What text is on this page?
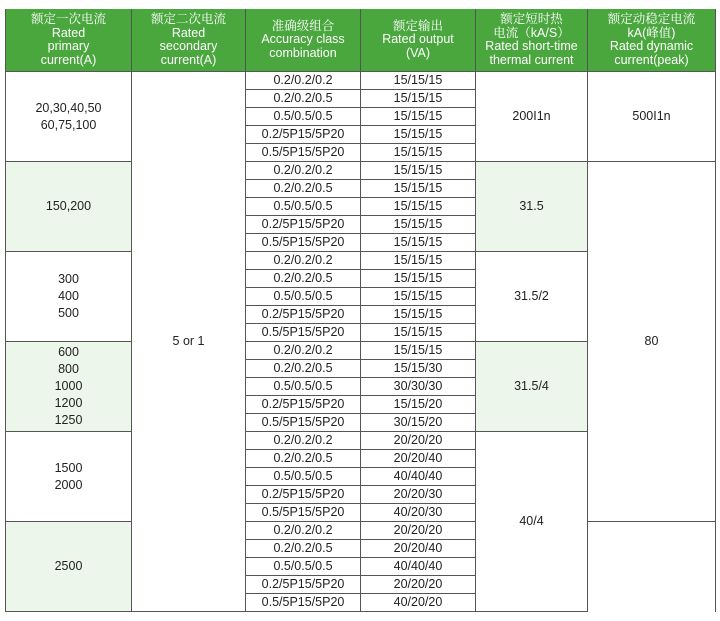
额定一次电流
Rated
primary
current(A)	额定二次电流
Rated
secondary
current(A)	准确级组合
Accuracy class
combination	额定输出
Rated output
(VA)	额定短时热
电流（kA/S）
Rated short-time
thermal current	额定动稳定电流
kA(峰值)
Rated dynamic
current(peak)	

20,30,40,50
60,75,100	5 or 1	0.2/0.2/0.2	15/15/15	200I1n	500I1n	
		0.2/0.2/0.5	15/15/15			
		0.5/0.5/0.5	15/15/15			
		0.2/5P15/5P20	15/15/15			
		0.5/5P15/5P20	15/15/15			

150,200		0.2/0.2/0.2	15/15/15	31.5	80	
		0.2/0.2/0.5	15/15/15			
		0.5/0.5/0.5	15/15/15			
		0.2/5P15/5P20	15/15/15			
		0.5/5P15/5P20	15/15/15			

300
400
500		0.2/0.2/0.2	15/15/15	31.5/2		
		0.2/0.2/0.5	15/15/15			
		0.5/0.5/0.5	15/15/15			
		0.2/5P15/5P20	15/15/15			
		0.5/5P15/5P20	15/15/15			

600
800
1000
1200
1250		0.2/0.2/0.2	15/15/15	31.5/4		
		0.2/0.2/0.5	15/15/30			
		0.5/0.5/0.5	30/30/30			
		0.2/5P15/5P20	15/15/20			
		0.5/5P15/5P20	30/15/20			

1500
2000		0.2/0.2/0.2	20/20/20	40/4	
		0.2/0.2/0.5	20/20/40			
		0.5/0.5/0.5	40/40/40			
		0.2/5P15/5P20	20/20/30			
		0.5/5P15/5P20	40/20/30			

2500		0.2/0.2/0.2	20/20/20			
		0.2/0.2/0.5	20/20/40			
		0.5/0.5/0.5	40/40/40			
		0.2/5P15/5P20	20/20/20			
		0.5/5P15/5P20	40/20/20			
